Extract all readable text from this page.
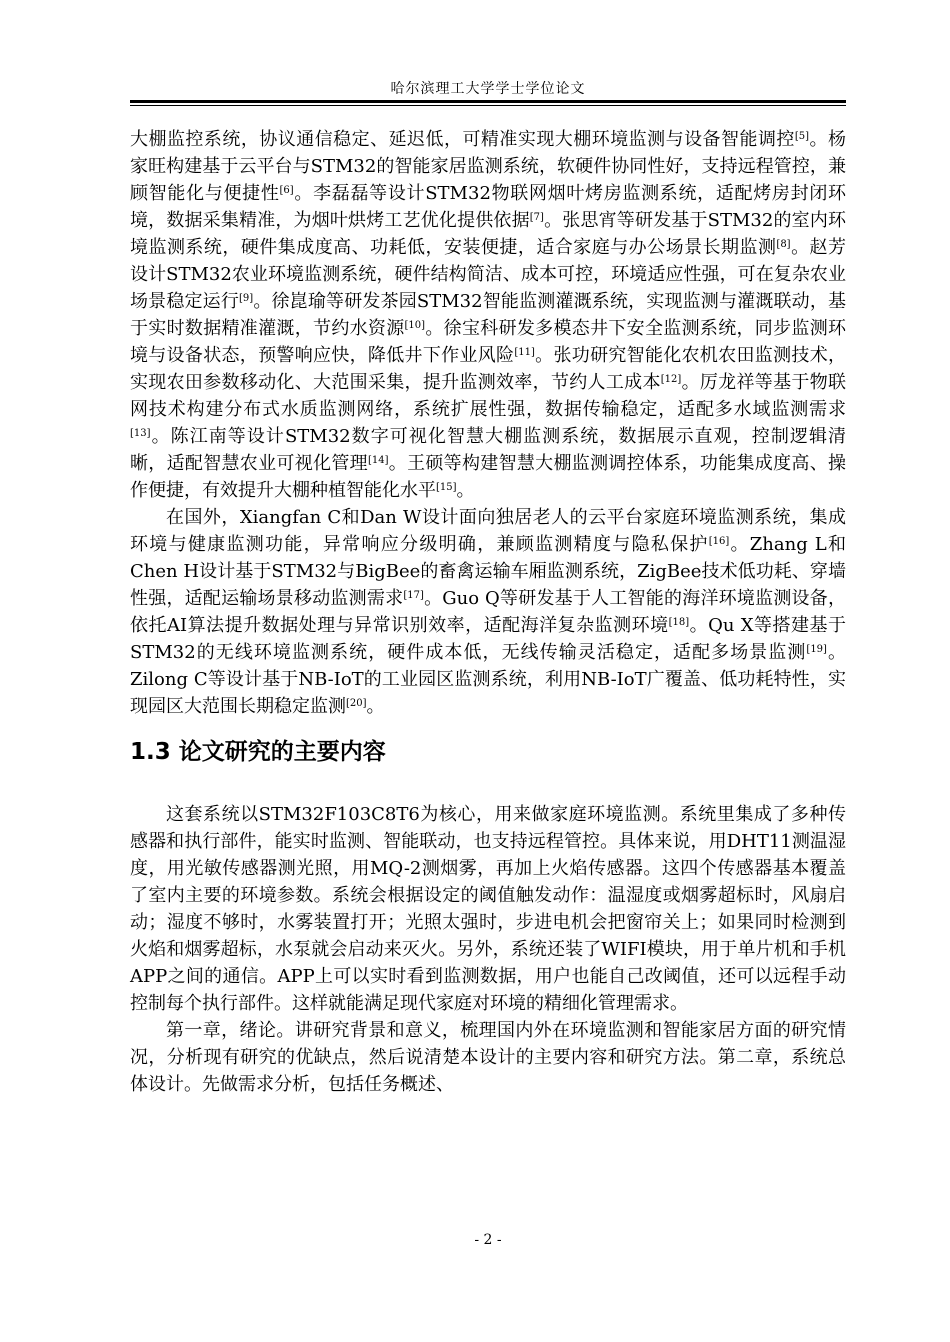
哈尔滨理工大学学士学位论文

大棚监控系统，协议通信稳定、延迟低，可精准实现大棚环境监测与设备智能调控[5]。杨家旺构建基于云平台与STM32的智能家居监测系统，软硬件协同性好，支持远程管控，兼顾智能化与便捷性[6]。李磊磊等设计STM32物联网烟叶烤房监测系统，适配烤房封闭环境，数据采集精准，为烟叶烘烤工艺优化提供依据[7]。张思宵等研发基于STM32的室内环境监测系统，硬件集成度高、功耗低，安装便捷，适合家庭与办公场景长期监测[8]。赵芳设计STM32农业环境监测系统，硬件结构简洁、成本可控，环境适应性强，可在复杂农业场景稳定运行[9]。徐崑瑜等研发茶园STM32智能监测灌溉系统，实现监测与灌溉联动，基于实时数据精准灌溉，节约水资源[10]。徐宝科研发多模态井下安全监测系统，同步监测环境与设备状态，预警响应快，降低井下作业风险[11]。张功研究智能化农机农田监测技术，实现农田参数移动化、大范围采集，提升监测效率，节约人工成本[12]。厉龙祥等基于物联网技术构建分布式水质监测网络，系统扩展性强，数据传输稳定，适配多水域监测需求[13]。陈江南等设计STM32数字可视化智慧大棚监测系统，数据展示直观，控制逻辑清晰，适配智慧农业可视化管理[14]。王硕等构建智慧大棚监测调控体系，功能集成度高、操作便捷，有效提升大棚种植智能化水平[15]。

在国外，Xiangfan C和Dan W设计面向独居老人的云平台家庭环境监测系统，集成环境与健康监测功能，异常响应分级明确，兼顾监测精度与隐私保护[16]。Zhang L和Chen H设计基于STM32与BigBee的畜禽运输车厢监测系统，ZigBee技术低功耗、穿墙性强，适配运输场景移动监测需求[17]。Guo Q等研发基于人工智能的海洋环境监测设备，依托AI算法提升数据处理与异常识别效率，适配海洋复杂监测环境[18]。Qu X等搭建基于STM32的无线环境监测系统，硬件成本低，无线传输灵活稳定，适配多场景监测[19]。Zilong C等设计基于NB-IoT的工业园区监测系统，利用NB-IoT广覆盖、低功耗特性，实现园区大范围长期稳定监测[20]。

1.3 论文研究的主要内容

这套系统以STM32F103C8T6为核心，用来做家庭环境监测。系统里集成了多种传感器和执行部件，能实时监测、智能联动，也支持远程管控。具体来说，用DHT11测温湿度，用光敏传感器测光照，用MQ-2测烟雾，再加上火焰传感器。这四个传感器基本覆盖了室内主要的环境参数。系统会根据设定的阈值触发动作：温湿度或烟雾超标时，风扇启动；湿度不够时，水雾装置打开；光照太强时，步进电机会把窗帘关上；如果同时检测到火焰和烟雾超标，水泵就会启动来灭火。另外，系统还装了WIFI模块，用于单片机和手机APP之间的通信。APP上可以实时看到监测数据，用户也能自己改阈值，还可以远程手动控制每个执行部件。这样就能满足现代家庭对环境的精细化管理需求。

第一章，绪论。讲研究背景和意义，梳理国内外在环境监测和智能家居方面的研究情况，分析现有研究的优缺点，然后说清楚本设计的主要内容和研究方法。第二章，系统总体设计。先做需求分析，包括任务概述、

- 2 -
